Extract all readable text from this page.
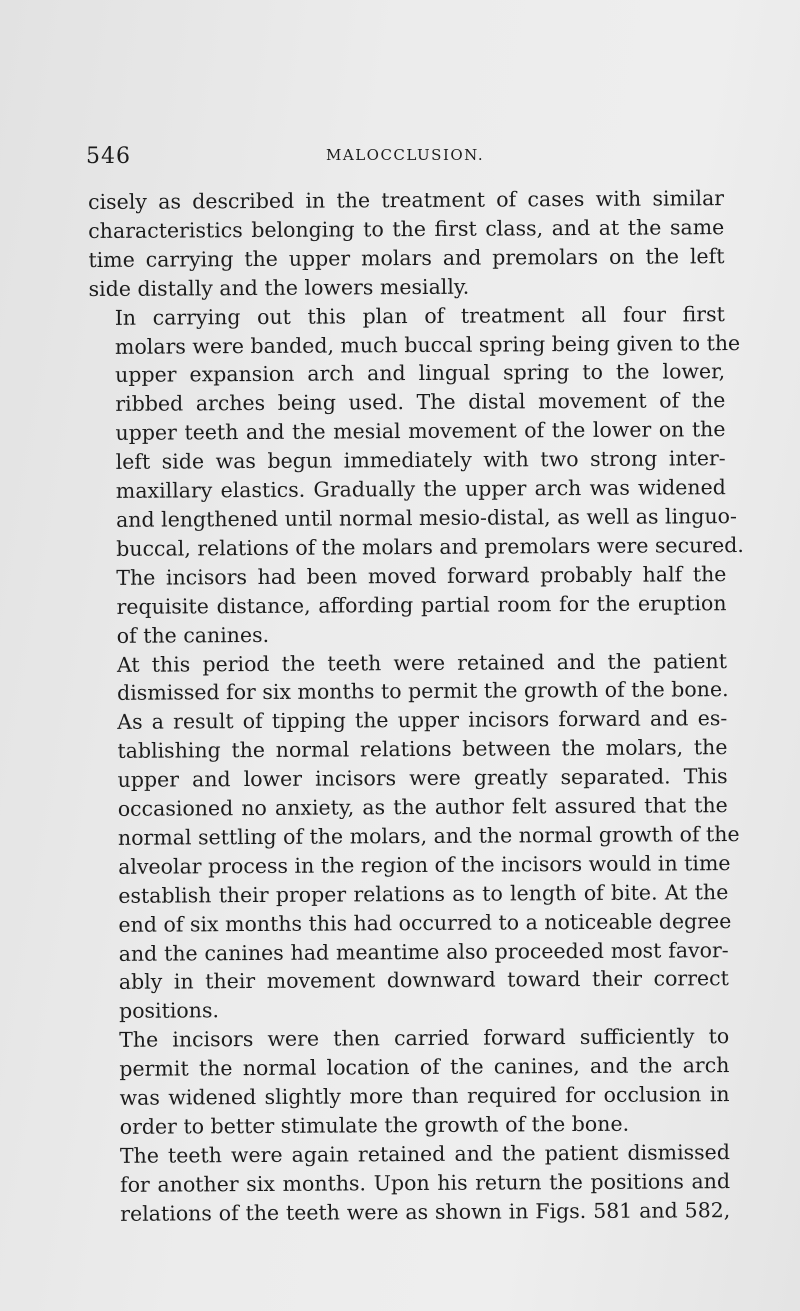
546	MALOCCLUSION.

cisely as described in the treatment of cases with similar
characteristics belonging to the first class, and at the same
time carrying the upper molars and premolars on the left
side distally and the lowers mesially.

In carrying out this plan of treatment all four first
molars were banded, much buccal spring being given to the
upper expansion arch and lingual spring to the lower,
ribbed arches being used. The distal movement of the
upper teeth and the mesial movement of the lower on the
left side was begun immediately with two strong inter-
maxillary elastics. Gradually the upper arch was widened
and lengthened until normal mesio-distal, as well as linguo-
buccal, relations of the molars and premolars were secured.
The incisors had been moved forward probably half the
requisite distance, affording partial room for the eruption
of the canines.

At this period the teeth were retained and the patient
dismissed for six months to permit the growth of the bone.
As a result of tipping the upper incisors forward and es-
tablishing the normal relations between the molars, the
upper and lower incisors were greatly separated. This
occasioned no anxiety, as the author felt assured that the
normal settling of the molars, and the normal growth of the
alveolar process in the region of the incisors would in time
establish their proper relations as to length of bite. At the
end of six months this had occurred to a noticeable degree
and the canines had meantime also proceeded most favor-
ably in their movement downward toward their correct
positions.

The incisors were then carried forward sufficiently to
permit the normal location of the canines, and the arch
was widened slightly more than required for occlusion in
order to better stimulate the growth of the bone.

The teeth were again retained and the patient dismissed
for another six months. Upon his return the positions and
relations of the teeth were as shown in Figs. 581 and 582,
